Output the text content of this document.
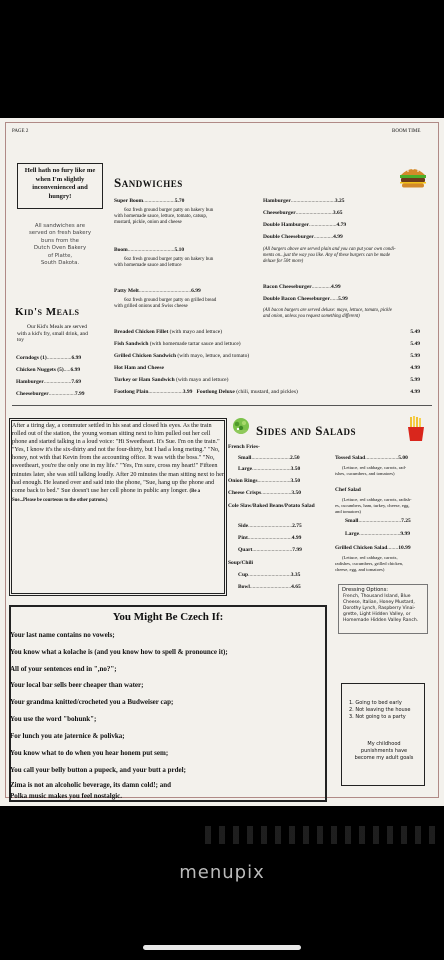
PAGE 2	BOOM TIME
Hell hath no fury like me when I'm slightly inconvenienced and hungry!
All sandwiches are
served on fresh bakery
buns from the
Dutch Oven Bakery
of Platte,
South Dakota.
Kid's Meals
Our Kid's Meals are served
with a kid's fry, small drink, and
toy
Corndogs (1)..................6.99
Chicken Nuggets (5).....6.99
Hamburger....................7.69
Cheeseburger...................7.99
Sandwiches
Super Boom.......................5.70
6oz fresh ground burger patty on bakery bun
with homemade sauce, lettuce, tomato, catsup,
mustard, pickle, onion and cheese
Boom..................................5.10
6oz fresh ground burger patty on bakery bun
with homemade sauce and lettuce
Patty Melt......................................6.99
6oz fresh ground burger patty on grilled bread
with grilled onions and Swiss cheese
Hamburger................................3.25
Cheeseburger...........................3.65
Double Hamburger....................4.79
Double Cheeseburger..............4.99
(All burgers above are served plain and you can put your own condi-
ments on...just the way you like. Any of these burgers can be made
deluxe for 50¢ more)
Bacon Cheeseburger..............4.99
Double Bacon Cheeseburger......5.99
(All bacon burgers are served deluxe: mayo, lettuce, tomato, pickle
and onion, unless you request something different)
Breaded Chicken Fillet (with mayo and lettuce)	5.49
Fish Sandwich (with homemade tartar sauce and lettuce)	5.49
Grilled Chicken Sandwich (with mayo, lettuce, and tomato)	5.99
Hot Ham and Cheese	4.99
Turkey or Ham Sandwich (with mayo and lettuce)	5.99
Footlong Plain.........................3.99 Footlong Deluxe (chili, mustard, and pickles)	4.99
After a tiring day, a commuter settled in his seat and closed his eyes. As the train rolled out of the station, the young woman sitting next to him pulled out her cell phone and started talking in a loud voice: "Hi Sweetheart. It's Sue. I'm on the train." "Yes, I know it's the six-thirty and not the four-thirty, but I had a long meting." "No, honey, not with that Kevin from the accounting office. It was with the boss." "No, sweetheart, you're the only one in my life." "Yes, I'm sure, cross my heart!" Fifteen minutes later, she was still talking loudly. After 20 minutes the man sitting next to her had enough. He leaned over and said into the phone, "Sue, hang up the phone and come back to bed." Sue doesn't use her cell phone in public any longer. (Be a Sue...Please be courteous to the other patrons.)
Sides and Salads
French Fries-
Small............................2.50
Large............................3.50
Onion Rings........................3.50
Cheese Crisps......................3.50
Cole Slaw/Baked Beans/Potato Salad
Side................................2.75
Pint................................4.99
Quart.............................7.99
Soup/Chili
Cup...............................3.35
Bowl..............................4.65
Tossed Salad........................5.00
(Lettuce, red cabbage, carrots, rad-
ishes, cucumbers, and tomatoes)
Chef Salad
(Lettuce, red cabbage, carrots, radish-
es, cucumbers, ham, turkey, cheese, egg,
and tomatoes)
Small...............................7.25
Large..............................9.99
Grilled Chicken Salad........10.99
(Lettuce, red cabbage, carrots,
radishes, cucumbers, grilled chicken,
cheese, egg, and tomatoes)
Dressing Options:
French, Thousand Island, Blue
Cheese, Italian, Honey Mustard,
Dorothy Lynch, Raspberry Vinai-
grette, Light Hidden Valley, or
Homemade Hidden Valley Ranch.
You Might Be Czech If:
Your last name contains no vowels;
You know what a kolache is (and you know how to spell & pronounce it);
All of your sentences end in ",no?";
Your local bar sells beer cheaper than water;
Your grandma knitted/crocheted you a Budweiser cap;
You use the word "bohunk";
For lunch you ate jaternice & polivka;
You know what to do when you hear honem put sem;
You call your belly button a pupeck, and your butt a prdel;
Zima is not an alcoholic beverage, its damn cold!; and
Polka music makes you feel nostalgic.
1. Going to bed early
2. Not leaving the house
3. Not going to a party
My childhood
punishments have
become my adult goals
menupix
